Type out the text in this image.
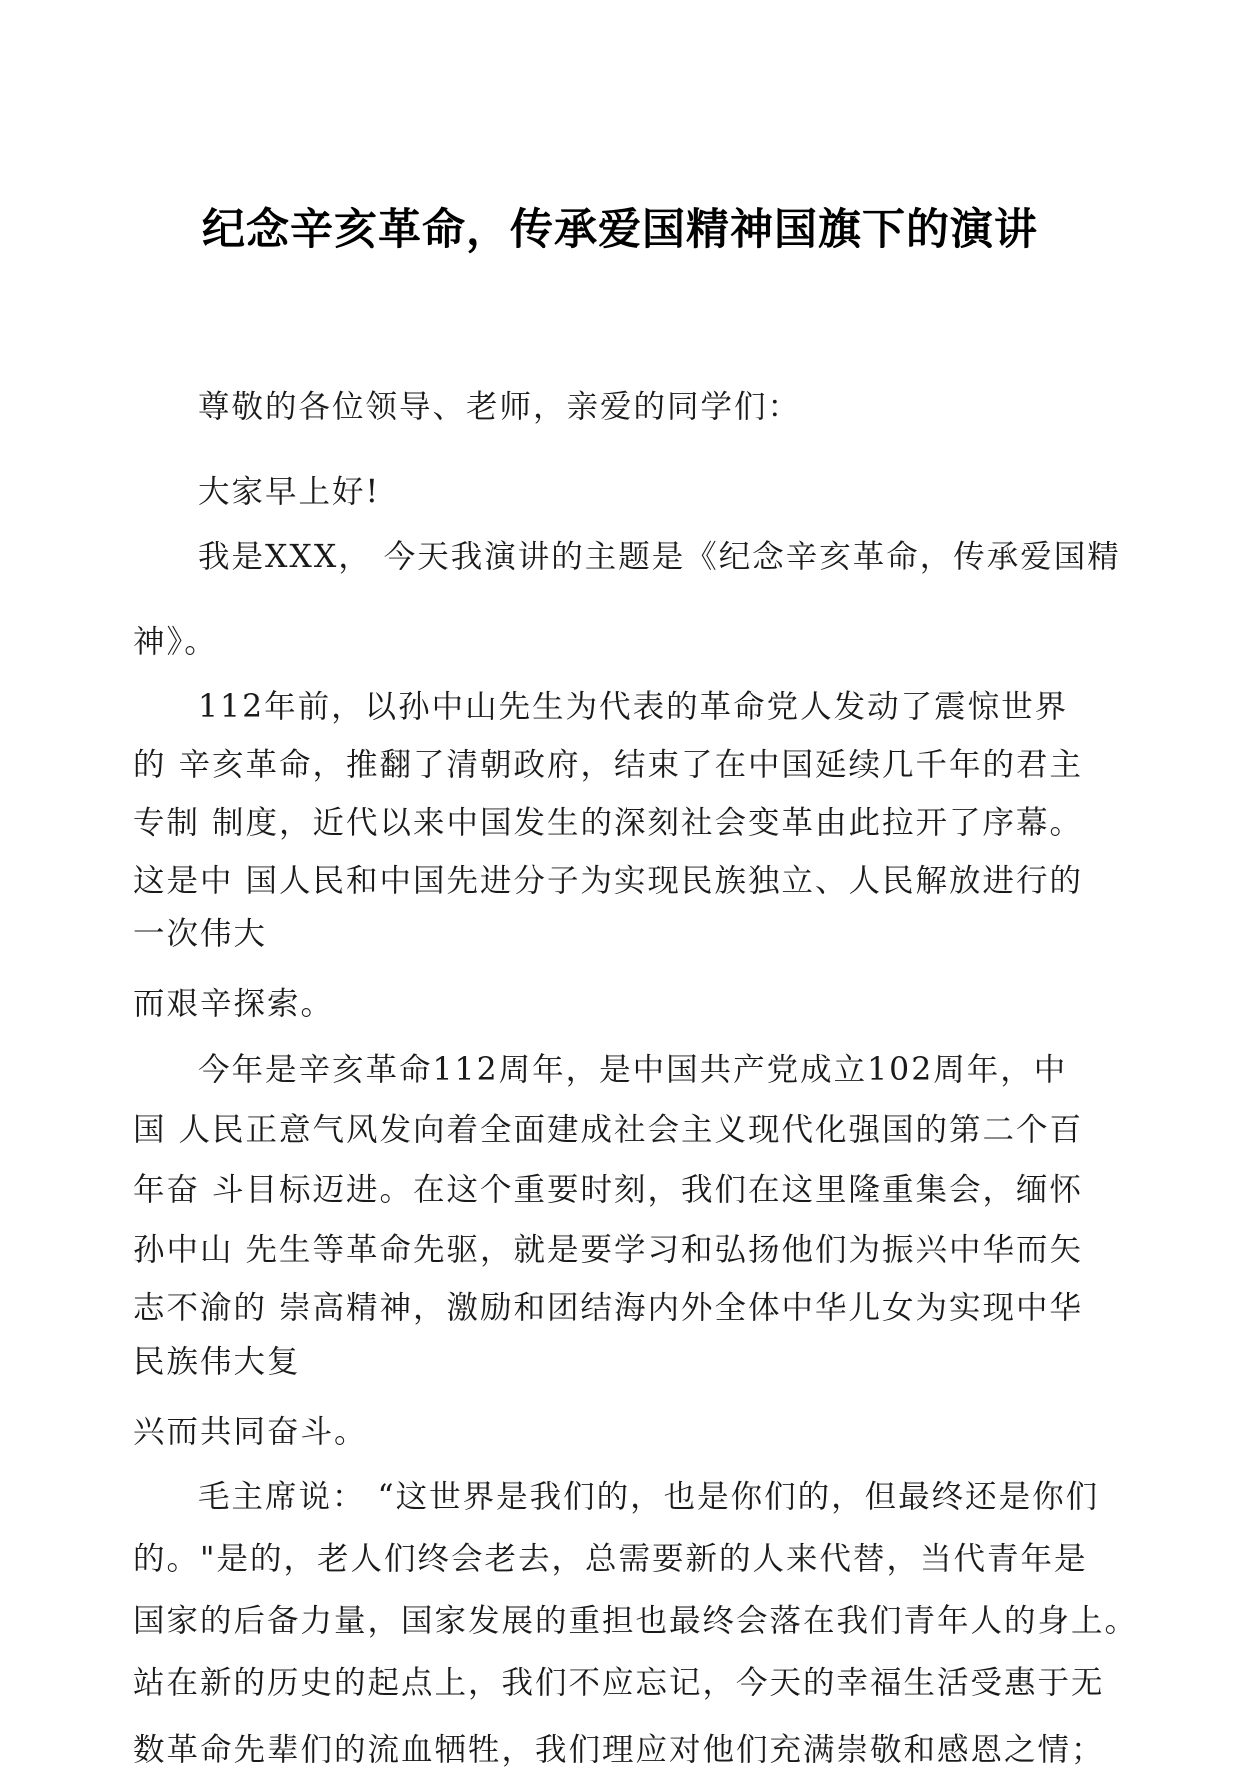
纪念辛亥革命，传承爱国精神国旗下的演讲
尊敬的各位领导、老师，亲爱的同学们：
大家早上好!
我是XXX， 今天我演讲的主题是《纪念辛亥革命，传承爱国精
神》。
112年前，以孙中山先生为代表的革命党人发动了震惊世界
的 辛亥革命，推翻了清朝政府，结束了在中国延续几千年的君主
专制 制度，近代以来中国发生的深刻社会变革由此拉开了序幕。
这是中 国人民和中国先进分子为实现民族独立、人民解放进行的
一次伟大
而艰辛探索。
今年是辛亥革命112周年，是中国共产党成立102周年，中
国 人民正意气风发向着全面建成社会主义现代化强国的第二个百
年奋 斗目标迈进。在这个重要时刻，我们在这里隆重集会，缅怀
孙中山 先生等革命先驱，就是要学习和弘扬他们为振兴中华而矢
志不渝的 崇高精神，激励和团结海内外全体中华儿女为实现中华
民族伟大复
兴而共同奋斗。
毛主席说： “这世界是我们的，也是你们的，但最终还是你们
的。"是的，老人们终会老去，总需要新的人来代替，当代青年是
国家的后备力量，国家发展的重担也最终会落在我们青年人的身上。
站在新的历史的起点上，我们不应忘记，今天的幸福生活受惠于无
数革命先辈们的流血牺牲，我们理应对他们充满崇敬和感恩之情；
